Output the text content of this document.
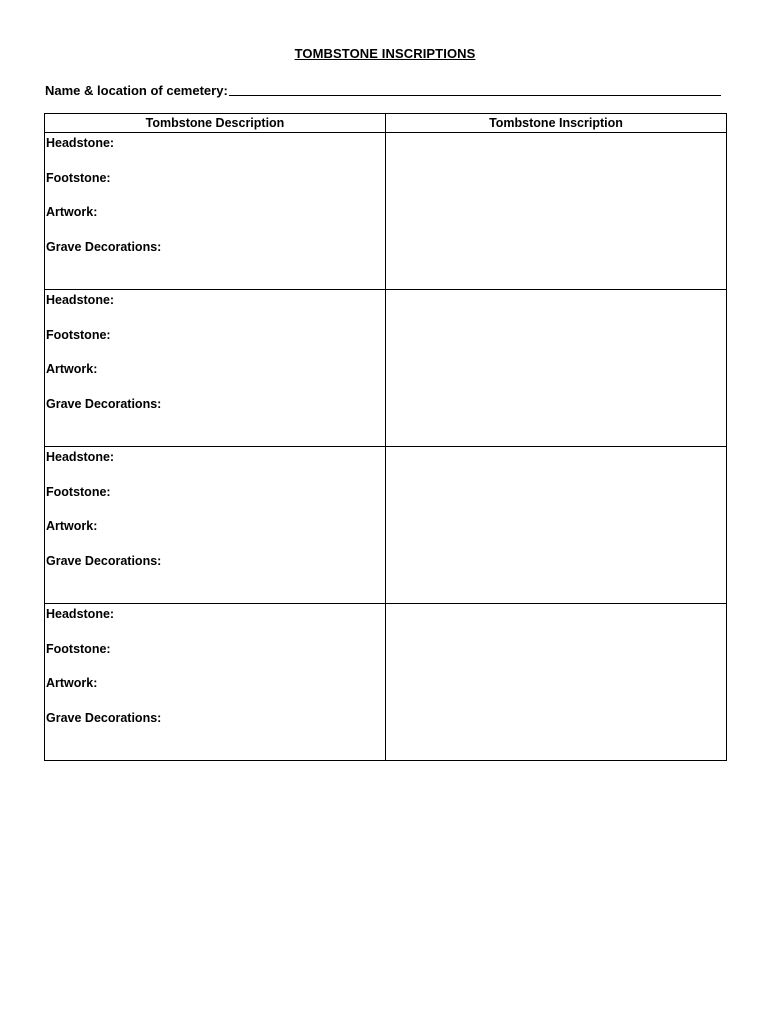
TOMBSTONE INSCRIPTIONS
Name & location of cemetery:
Tombstone Description	Tombstone Inscription
Headstone:
Footstone:
Artwork:
Grave Decorations:
Headstone:
Footstone:
Artwork:
Grave Decorations:
Headstone:
Footstone:
Artwork:
Grave Decorations:
Headstone:
Footstone:
Artwork:
Grave Decorations:
